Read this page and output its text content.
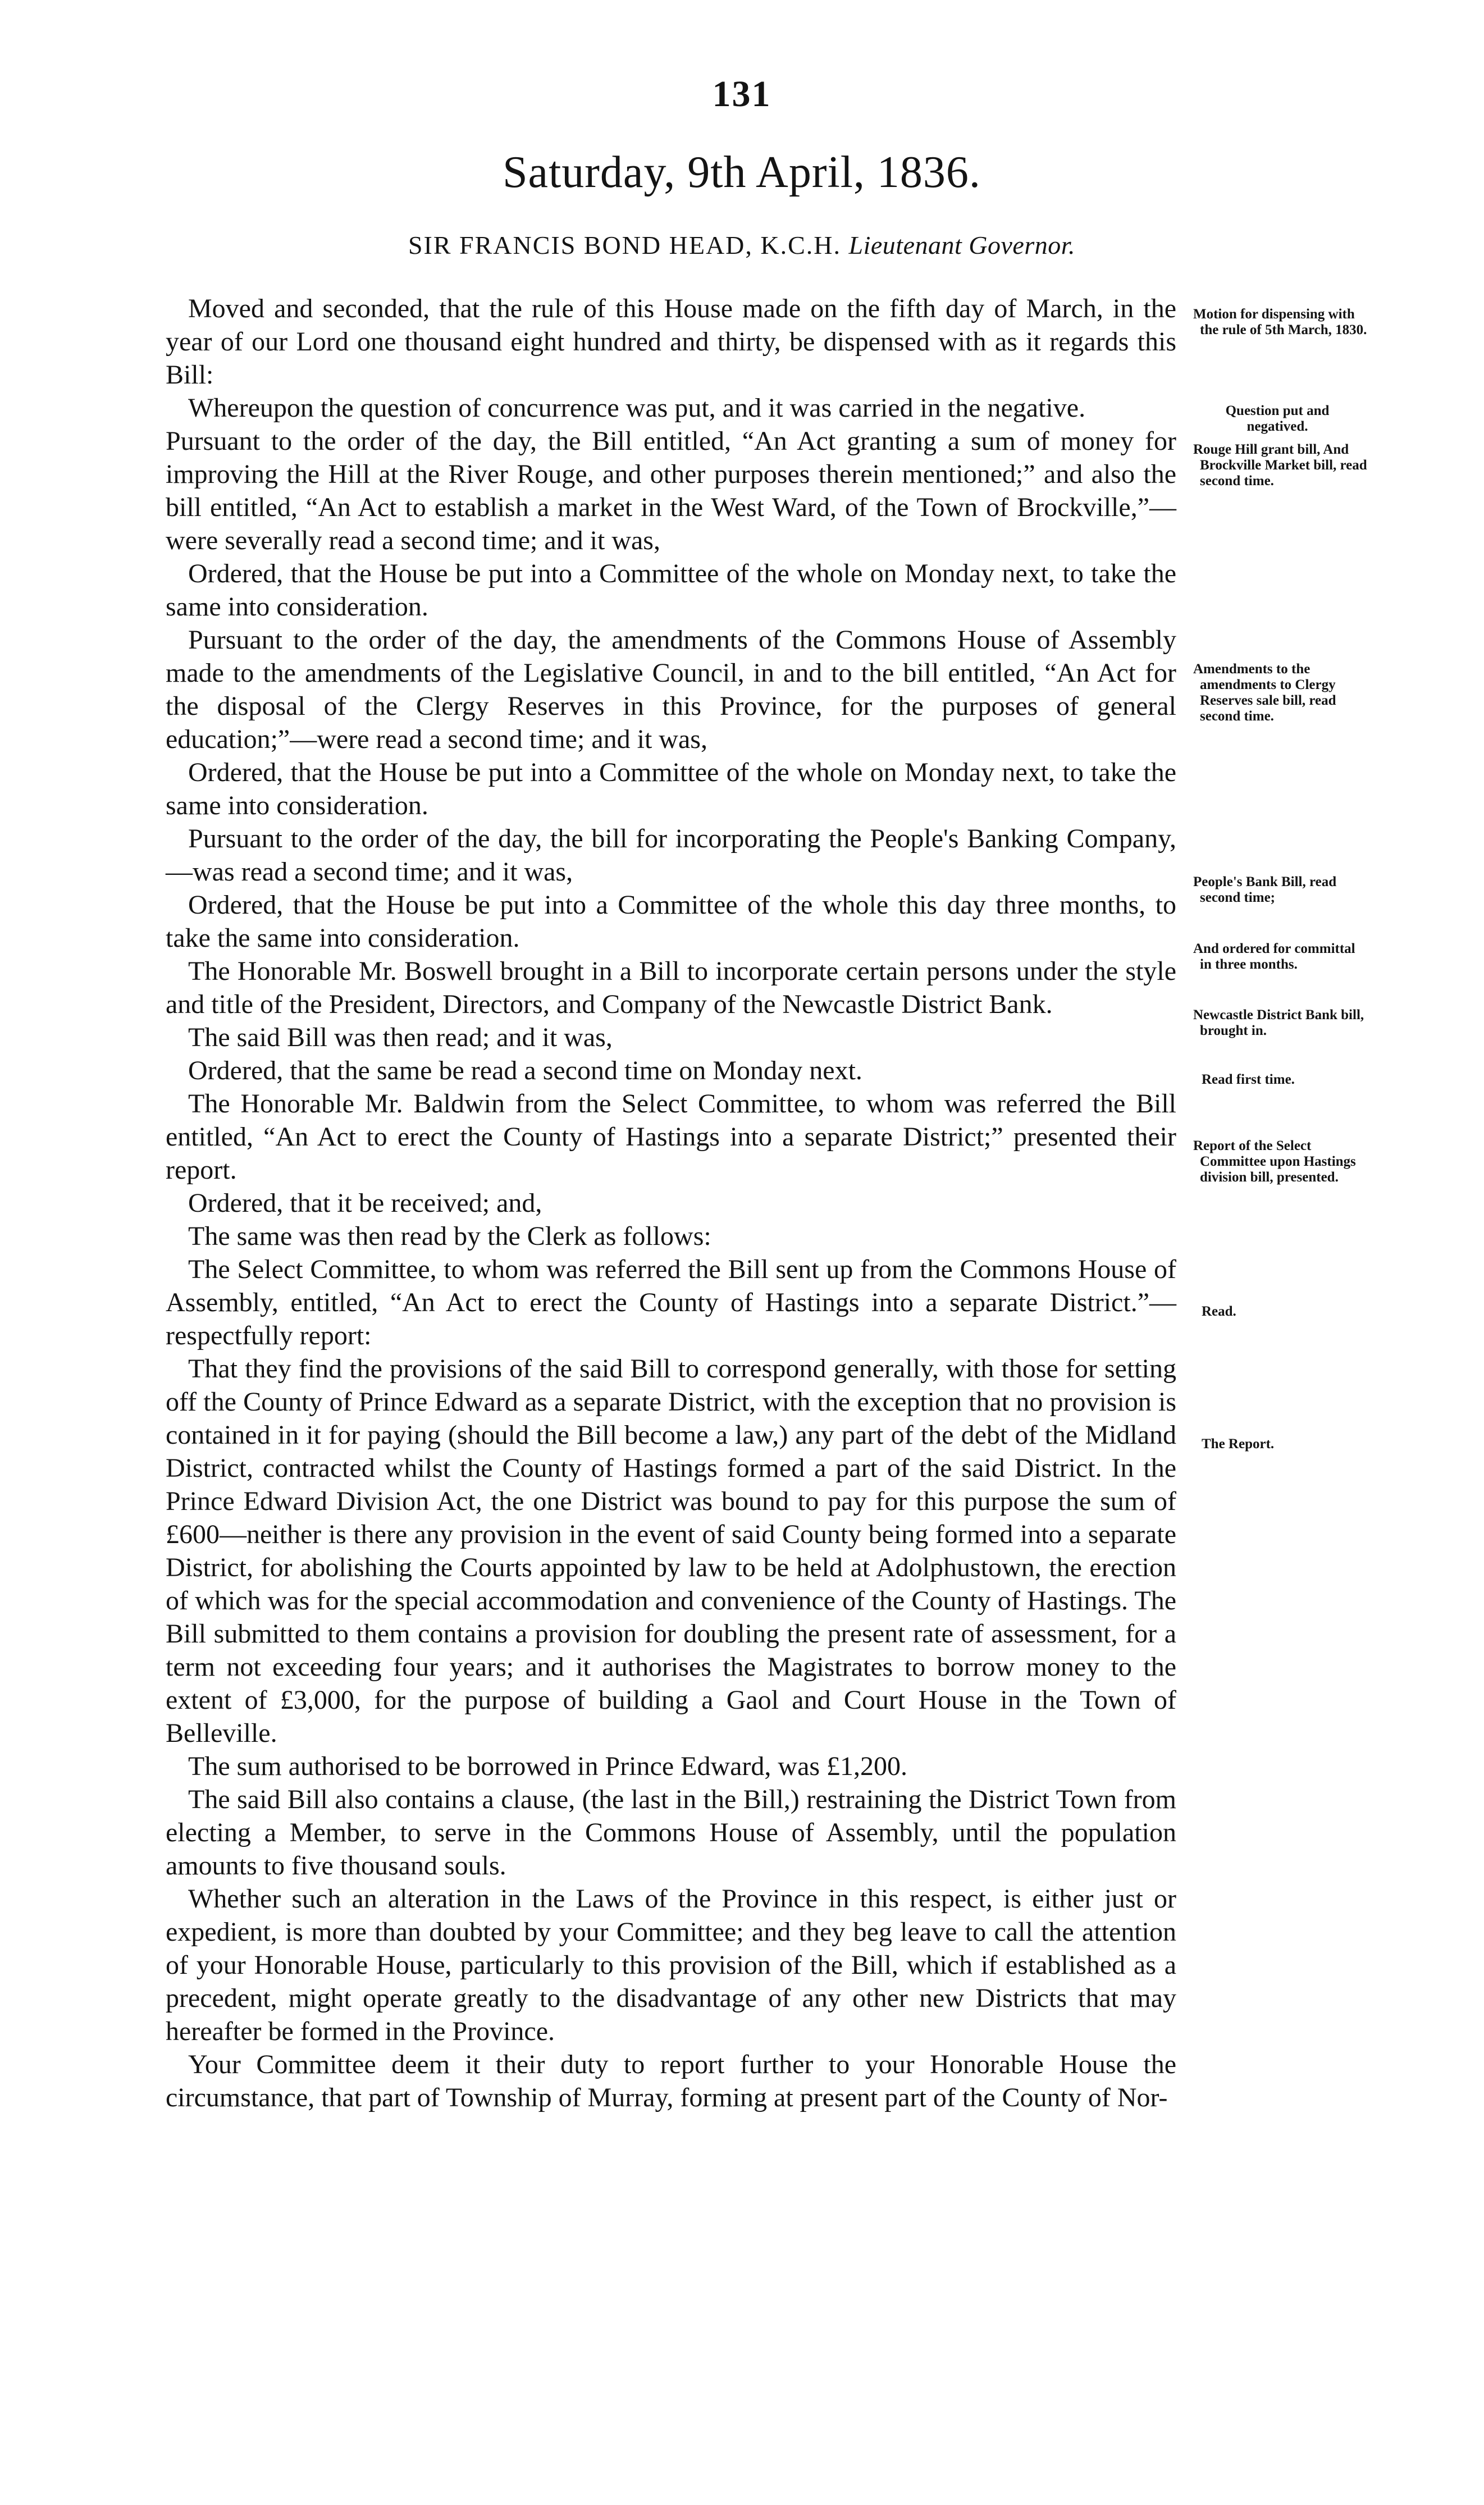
131
Saturday, 9th April, 1836.
SIR FRANCIS BOND HEAD, K.C.H. Lieutenant Governor.

Moved and seconded, that the rule of this House made on the fifth day of March, in the year of our Lord one thousand eight hundred and thirty, be dispensed with as it regards this Bill:

Whereupon the question of concurrence was put, and it was carried in the negative.

Pursuant to the order of the day, the Bill entitled, “An Act granting a sum of money for improving the Hill at the River Rouge, and other purposes therein mentioned;” and also the bill entitled, “An Act to establish a market in the West Ward, of the Town of Brockville,”—were severally read a second time; and it was,

Ordered, that the House be put into a Committee of the whole on Monday next, to take the same into consideration.

Pursuant to the order of the day, the amendments of the Commons House of Assembly made to the amendments of the Legislative Council, in and to the bill entitled, “An Act for the disposal of the Clergy Reserves in this Province, for the purposes of general education;”—were read a second time; and it was,

Ordered, that the House be put into a Committee of the whole on Monday next, to take the same into consideration.

Pursuant to the order of the day, the bill for incorporating the People's Banking Company,—was read a second time; and it was,

Ordered, that the House be put into a Committee of the whole this day three months, to take the same into consideration.

The Honorable Mr. Boswell brought in a Bill to incorporate certain persons under the style and title of the President, Directors, and Company of the Newcastle District Bank.

The said Bill was then read; and it was,

Ordered, that the same be read a second time on Monday next.

The Honorable Mr. Baldwin from the Select Committee, to whom was referred the Bill entitled, “An Act to erect the County of Hastings into a separate District;” presented their report.

Ordered, that it be received; and,

The same was then read by the Clerk as follows:

The Select Committee, to whom was referred the Bill sent up from the Commons House of Assembly, entitled, “An Act to erect the County of Hastings into a separate District.”—respectfully report:

That they find the provisions of the said Bill to correspond generally, with those for setting off the County of Prince Edward as a separate District, with the exception that no provision is contained in it for paying (should the Bill become a law,) any part of the debt of the Midland District, contracted whilst the County of Hastings formed a part of the said District. In the Prince Edward Division Act, the one District was bound to pay for this purpose the sum of £600—neither is there any provision in the event of said County being formed into a separate District, for abolishing the Courts appointed by law to be held at Adolphustown, the erection of which was for the special accommodation and convenience of the County of Hastings. The Bill submitted to them contains a provision for doubling the present rate of assessment, for a term not exceeding four years; and it authorises the Magistrates to borrow money to the extent of £3,000, for the purpose of building a Gaol and Court House in the Town of Belleville.

The sum authorised to be borrowed in Prince Edward, was £1,200.

The said Bill also contains a clause, (the last in the Bill,) restraining the District Town from electing a Member, to serve in the Commons House of Assembly, until the population amounts to five thousand souls.

Whether such an alteration in the Laws of the Province in this respect, is either just or expedient, is more than doubted by your Committee; and they beg leave to call the attention of your Honorable House, particularly to this provision of the Bill, which if established as a precedent, might operate greatly to the disadvantage of any other new Districts that may hereafter be formed in the Province.

Your Committee deem it their duty to report further to your Honorable House the circumstance, that part of Township of Murray, forming at present part of the County of Nor-

Motion for dispensing with the rule of 5th March, 1830.
Question put and negatived.
Rouge Hill grant bill, And Brockville Market bill, read second time.
Amendments to the amendments to Clergy Reserves sale bill, read second time.
People's Bank Bill, read second time;
And ordered for committal in three months.
Newcastle District Bank bill, brought in.
Read first time.
Report of the Select Committee upon Hastings division bill, presented.
Read.
The Report.
